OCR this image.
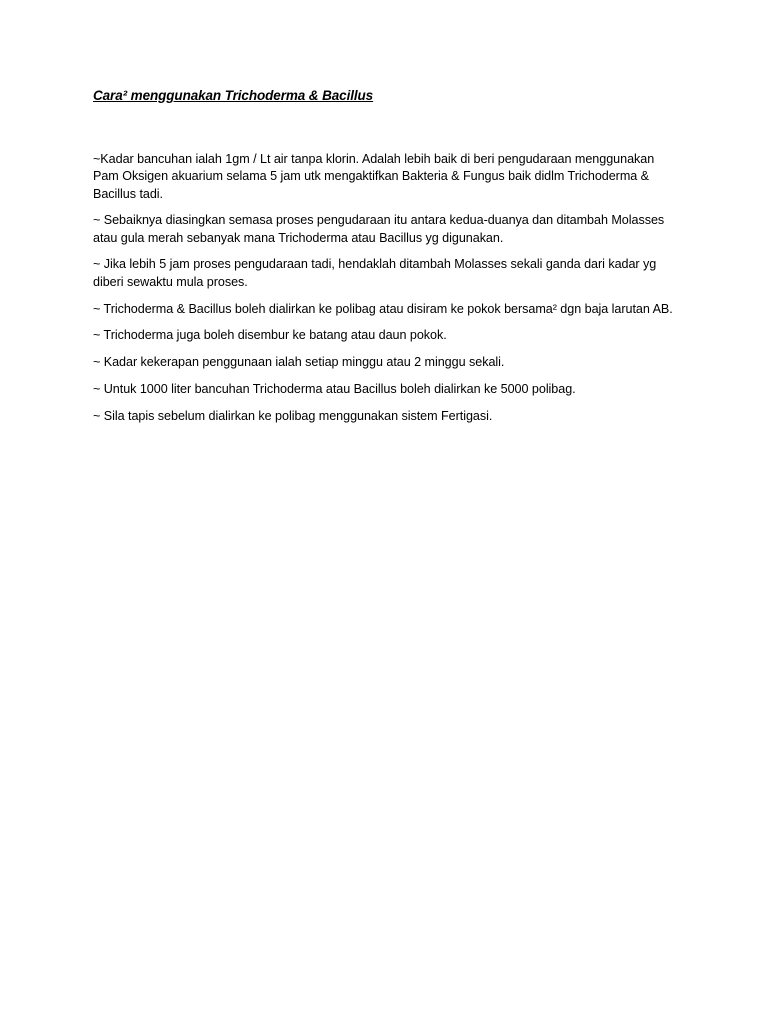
Cara² menggunakan Trichoderma & Bacillus

~Kadar bancuhan ialah 1gm / Lt air tanpa klorin. Adalah lebih baik di beri pengudaraan menggunakan Pam Oksigen akuarium selama 5 jam utk mengaktifkan Bakteria & Fungus baik didlm Trichoderma & Bacillus tadi.

~ Sebaiknya diasingkan semasa proses pengudaraan itu antara kedua-duanya dan ditambah Molasses atau gula merah sebanyak mana Trichoderma atau Bacillus yg digunakan.

~ Jika lebih 5 jam proses pengudaraan tadi, hendaklah ditambah Molasses sekali ganda dari kadar yg diberi sewaktu mula proses.

~ Trichoderma & Bacillus boleh dialirkan ke polibag atau disiram ke pokok bersama² dgn baja larutan AB.

~ Trichoderma juga boleh disembur ke batang atau daun pokok.

~ Kadar kekerapan penggunaan ialah setiap minggu atau 2 minggu sekali.

~ Untuk 1000 liter bancuhan Trichoderma atau Bacillus boleh dialirkan ke 5000 polibag.

~ Sila tapis sebelum dialirkan ke polibag menggunakan sistem Fertigasi.
